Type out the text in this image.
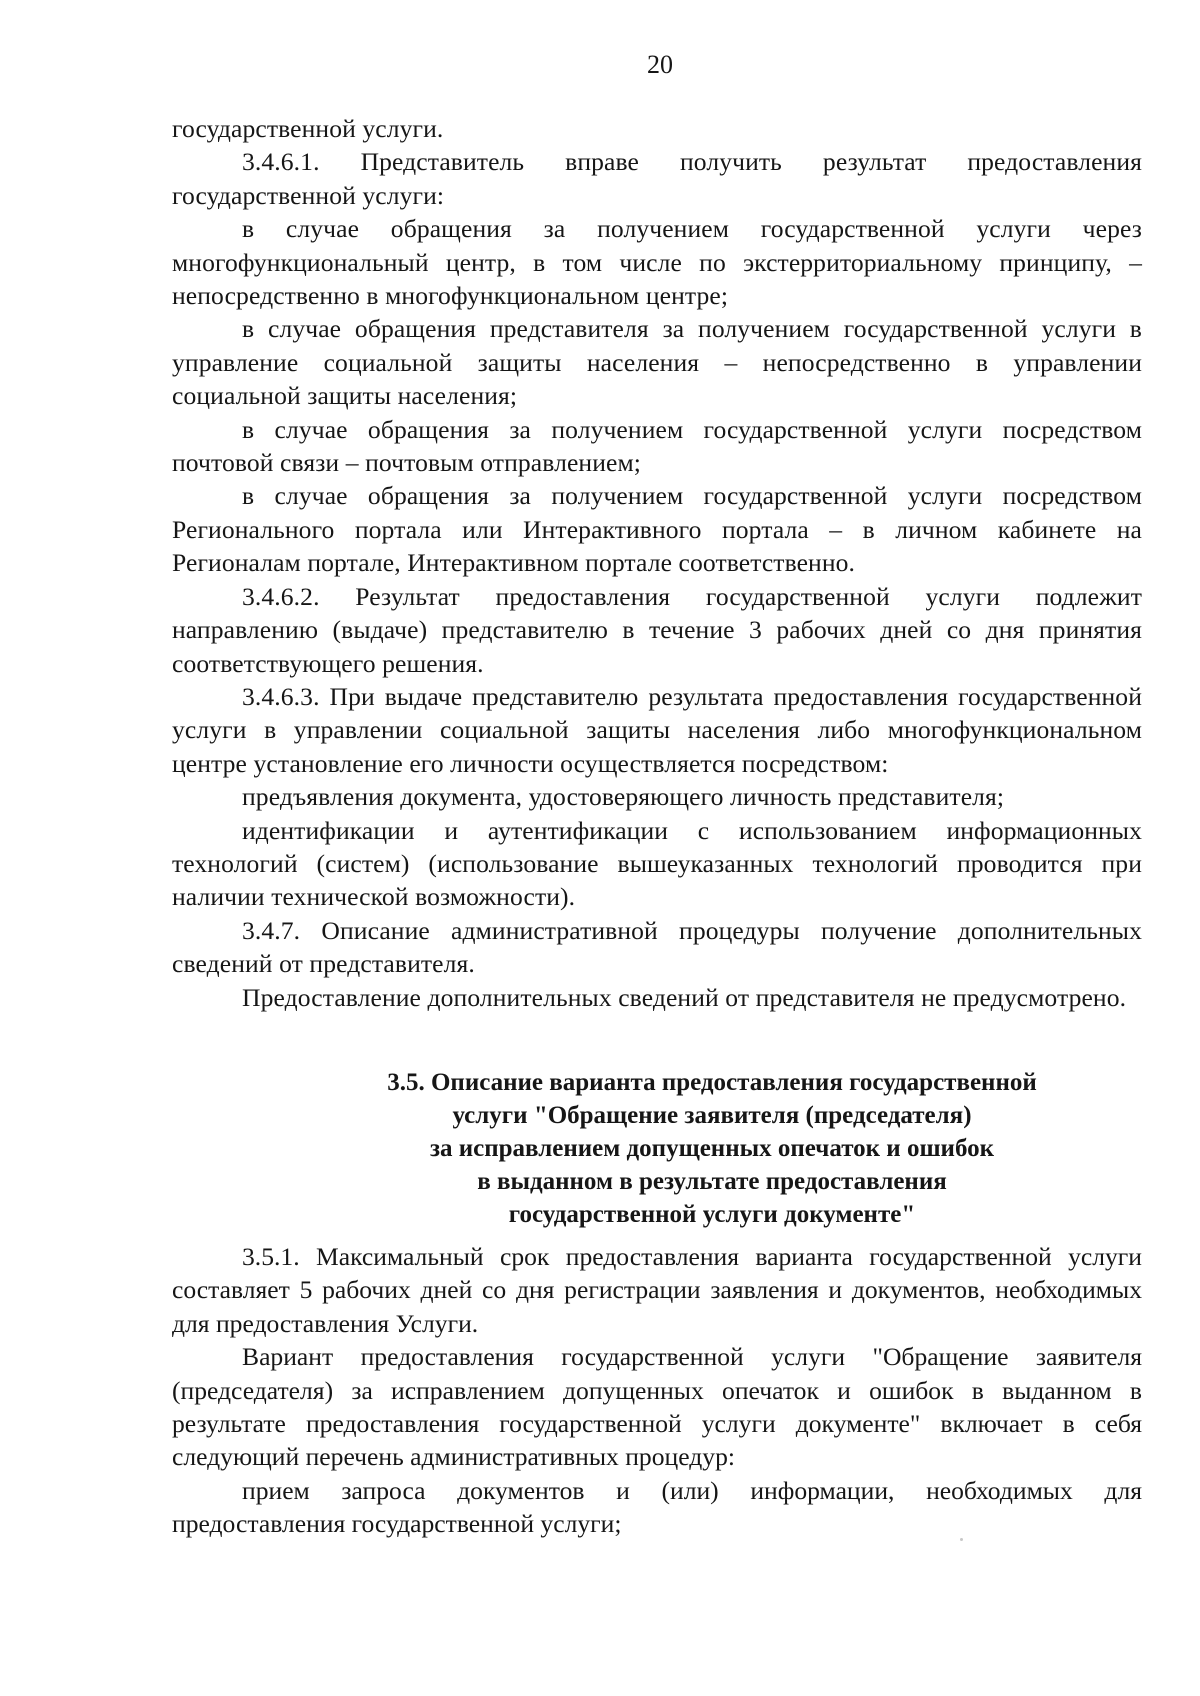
20

государственной услуги.

3.4.6.1. Представитель вправе получить результат предоставления государственной услуги:

в случае обращения за получением государственной услуги через многофункциональный центр, в том числе по экстерриториальному принципу, – непосредственно в многофункциональном центре;

в случае обращения представителя за получением государственной услуги в управление социальной защиты населения – непосредственно в управлении социальной защиты населения;

в случае обращения за получением государственной услуги посредством почтовой связи – почтовым отправлением;

в случае обращения за получением государственной услуги посредством Регионального портала или Интерактивного портала – в личном кабинете на Регионалам портале, Интерактивном портале соответственно.

3.4.6.2. Результат предоставления государственной услуги подлежит направлению (выдаче) представителю в течение 3 рабочих дней со дня принятия соответствующего решения.

3.4.6.3. При выдаче представителю результата предоставления государственной услуги в управлении социальной защиты населения либо многофункциональном центре установление его личности осуществляется посредством:

предъявления документа, удостоверяющего личность представителя;

идентификации и аутентификации с использованием информационных технологий (систем) (использование вышеуказанных технологий проводится при наличии технической возможности).

3.4.7. Описание административной процедуры получение дополнительных сведений от представителя.

Предоставление дополнительных сведений от представителя не предусмотрено.

3.5. Описание варианта предоставления государственной
услуги "Обращение заявителя (председателя)
за исправлением допущенных опечаток и ошибок
в выданном в результате предоставления
государственной услуги документе"

3.5.1. Максимальный срок предоставления варианта государственной услуги составляет 5 рабочих дней со дня регистрации заявления и документов, необходимых для предоставления Услуги.

Вариант предоставления государственной услуги "Обращение заявителя (председателя) за исправлением допущенных опечаток и ошибок в выданном в результате предоставления государственной услуги документе" включает в себя следующий перечень административных процедур:

прием запроса документов и (или) информации, необходимых для предоставления государственной услуги;
